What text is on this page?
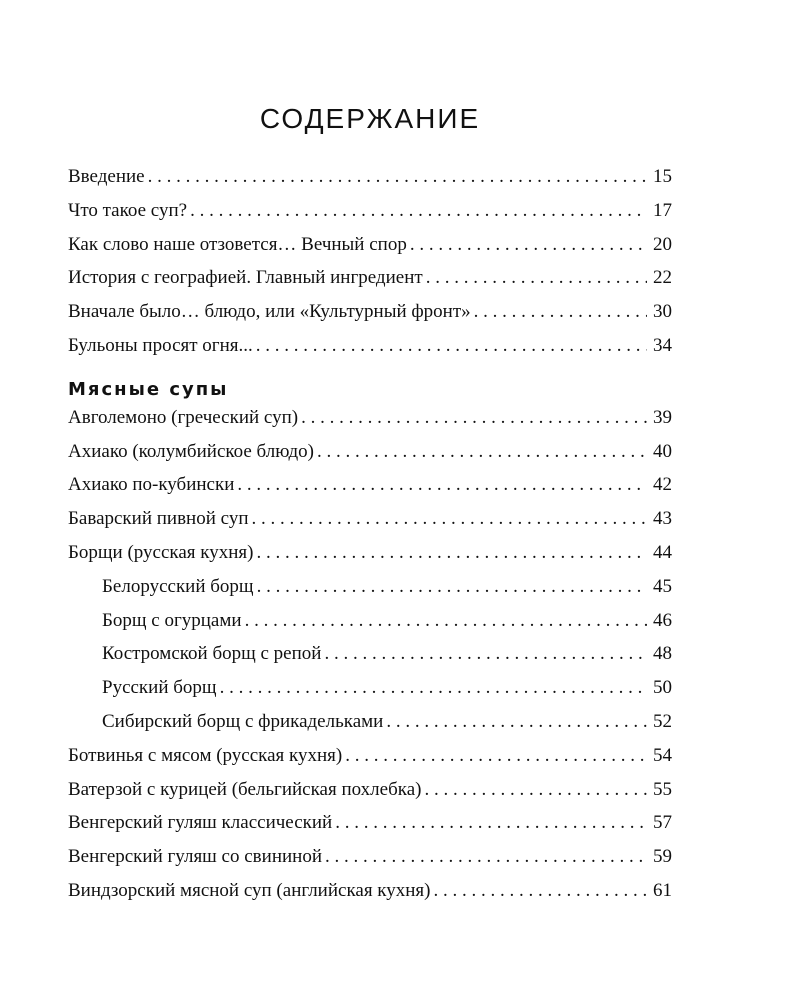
СОДЕРЖАНИЕ
Введение . . .	15
Что такое суп? . . .	17
Как слово наше отзовется… Вечный спор . . .	20
История с географией. Главный ингредиент . . .	22
Вначале было… блюдо, или «Культурный фронт» . . .	30
Бульоны просят огня... . . .	34
Мясные супы
Авголемоно (греческий суп) . . .	39
Ахиако (колумбийское блюдо) . . .	40
Ахиако по-кубински . . .	42
Баварский пивной суп . . .	43
Борщи (русская кухня) . . .	44
Белорусский борщ . . .	45
Борщ с огурцами . . .	46
Костромской борщ с репой . . .	48
Русский борщ . . .	50
Сибирский борщ с фрикадельками . . .	52
Ботвинья с мясом (русская кухня) . . .	54
Ватерзой с курицей (бельгийская похлебка) . . .	55
Венгерский гуляш классический . . .	57
Венгерский гуляш со свининой . . .	59
Виндзорский мясной суп (английская кухня) . . .	61
